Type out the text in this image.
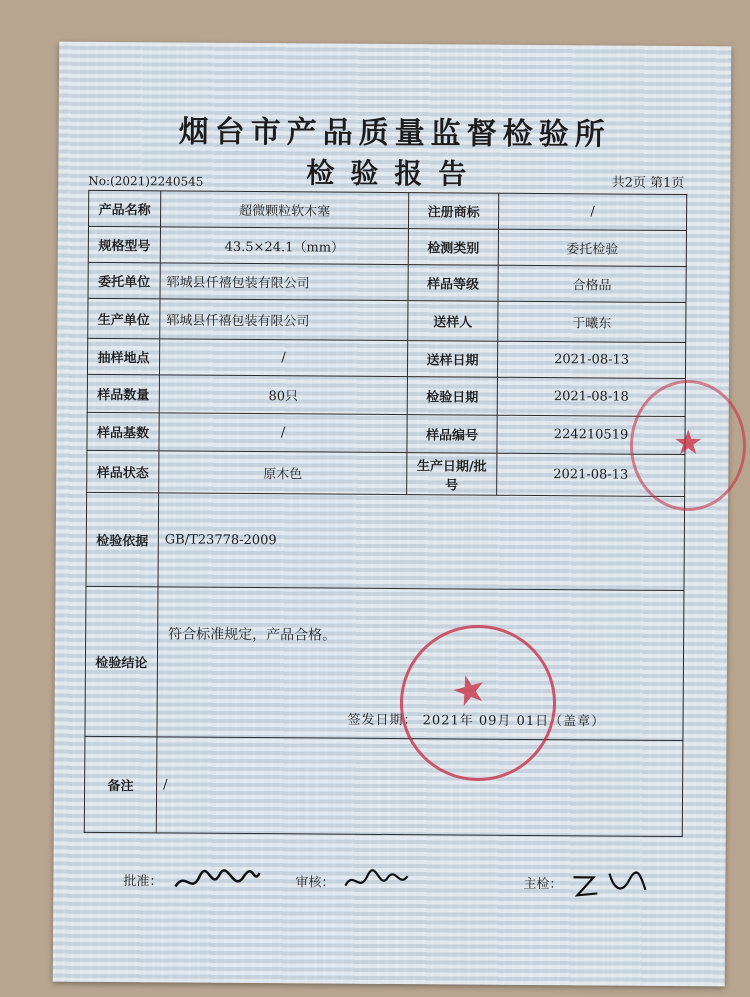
烟台市产品质量监督检验所
检验报告
No:(2021)2240545	共2页 第1页
产品名称	超微颗粒软木塞	注册商标	/
规格型号	43.5×24.1（mm）	检测类别	委托检验
委托单位	郓城县仟禧包装有限公司	样品等级	合格品
生产单位	郓城县仟禧包装有限公司	送样人	于曦东
抽样地点	/	送样日期	2021-08-13
样品数量	80只	检验日期	2021-08-18
样品基数	/	样品编号	224210519
样品状态	原木色	生产日期/批号	2021-08-13
检验依据	GB/T23778-2009		
检验结论	符合标准规定，产品合格。
签发日期： 2021年 09月 01日（盖章）		

备注	/		
批准：	审核：	主检：
★
★
